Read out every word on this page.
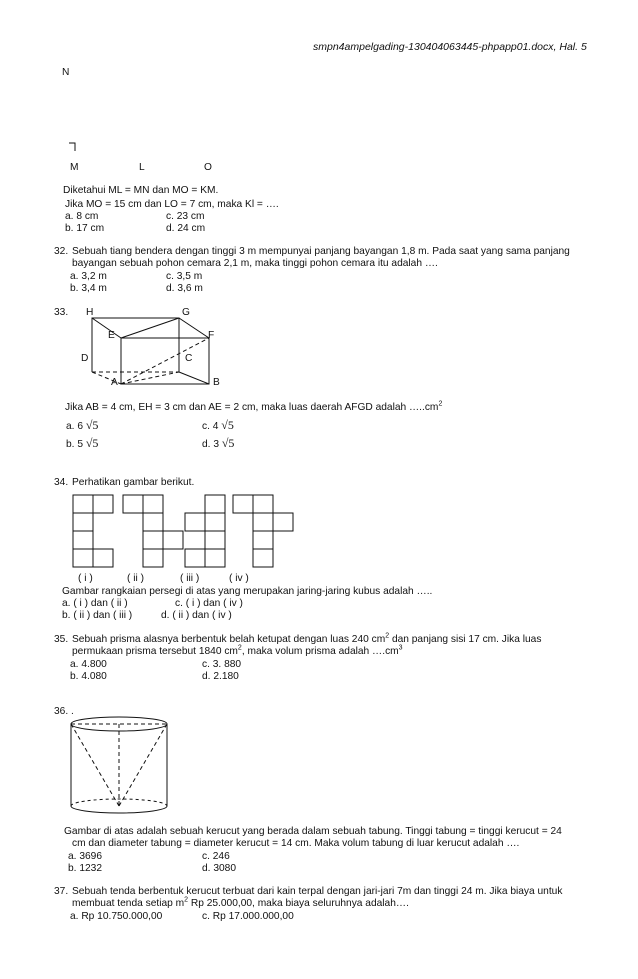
smpn4ampelgading-130404063445-phpapp01.docx, Hal. 5
N
M	L	O
Diketahui ML = MN dan MO = KM.
Jika MO = 15 cm dan LO = 7 cm, maka Kl = ….
a. 8 cm	c. 23 cm
b. 17 cm	d. 24 cm
32. Sebuah tiang bendera dengan tinggi 3 m mempunyai panjang bayangan 1,8 m. Pada saat yang sama panjang
bayangan sebuah pohon cemara 2,1 m, maka tinggi pohon cemara itu adalah ….
a. 3,2 m	c. 3,5 m
b. 3,4 m	d. 3,6 m
33. H	G
E	F
D	C
A	B
Jika AB = 4 cm, EH = 3 cm dan AE = 2 cm, maka luas daerah AFGD adalah $\dots..cm^2$
a. 6 √5	c. 4 √5
b. 5 √5	d. 3 √5
34. Perhatikan gambar berikut.
( i )	( ii )	( iii )	( iv )
Gambar rangkaian persegi di atas yang merupakan jaring-jaring kubus adalah …..
a. ( i ) dan ( ii )	c. ( i ) dan ( iv )
b. ( ii ) dan ( iii )	d. ( ii ) dan ( iv )
35. Sebuah prisma alasnya berbentuk belah ketupat dengan luas 240 $cm^2$ dan panjang sisi 17 cm. Jika luas
permukaan prisma tersebut 1840 $cm^2$, maka volum prisma adalah $\dots.cm^3$
a. 4.800	c. 3. 880
b. 4.080	d. 2.180
36. .
Gambar di atas adalah sebuah kerucut yang berada dalam sebuah tabung. Tinggi tabung = tinggi kerucut = 24
cm dan diameter tabung = diameter kerucut = 14 cm. Maka volum tabung di luar kerucut adalah ….
a. 3696	c. 246
b. 1232	d. 3080
37. Sebuah tenda berbentuk kerucut terbuat dari kain terpal dengan jari-jari 7m dan tinggi 24 m. Jika biaya untuk
membuat tenda setiap $m^2$ Rp 25.000,00, maka biaya seluruhnya adalah….
a. Rp 10.750.000,00	c. Rp 17.000.000,00
